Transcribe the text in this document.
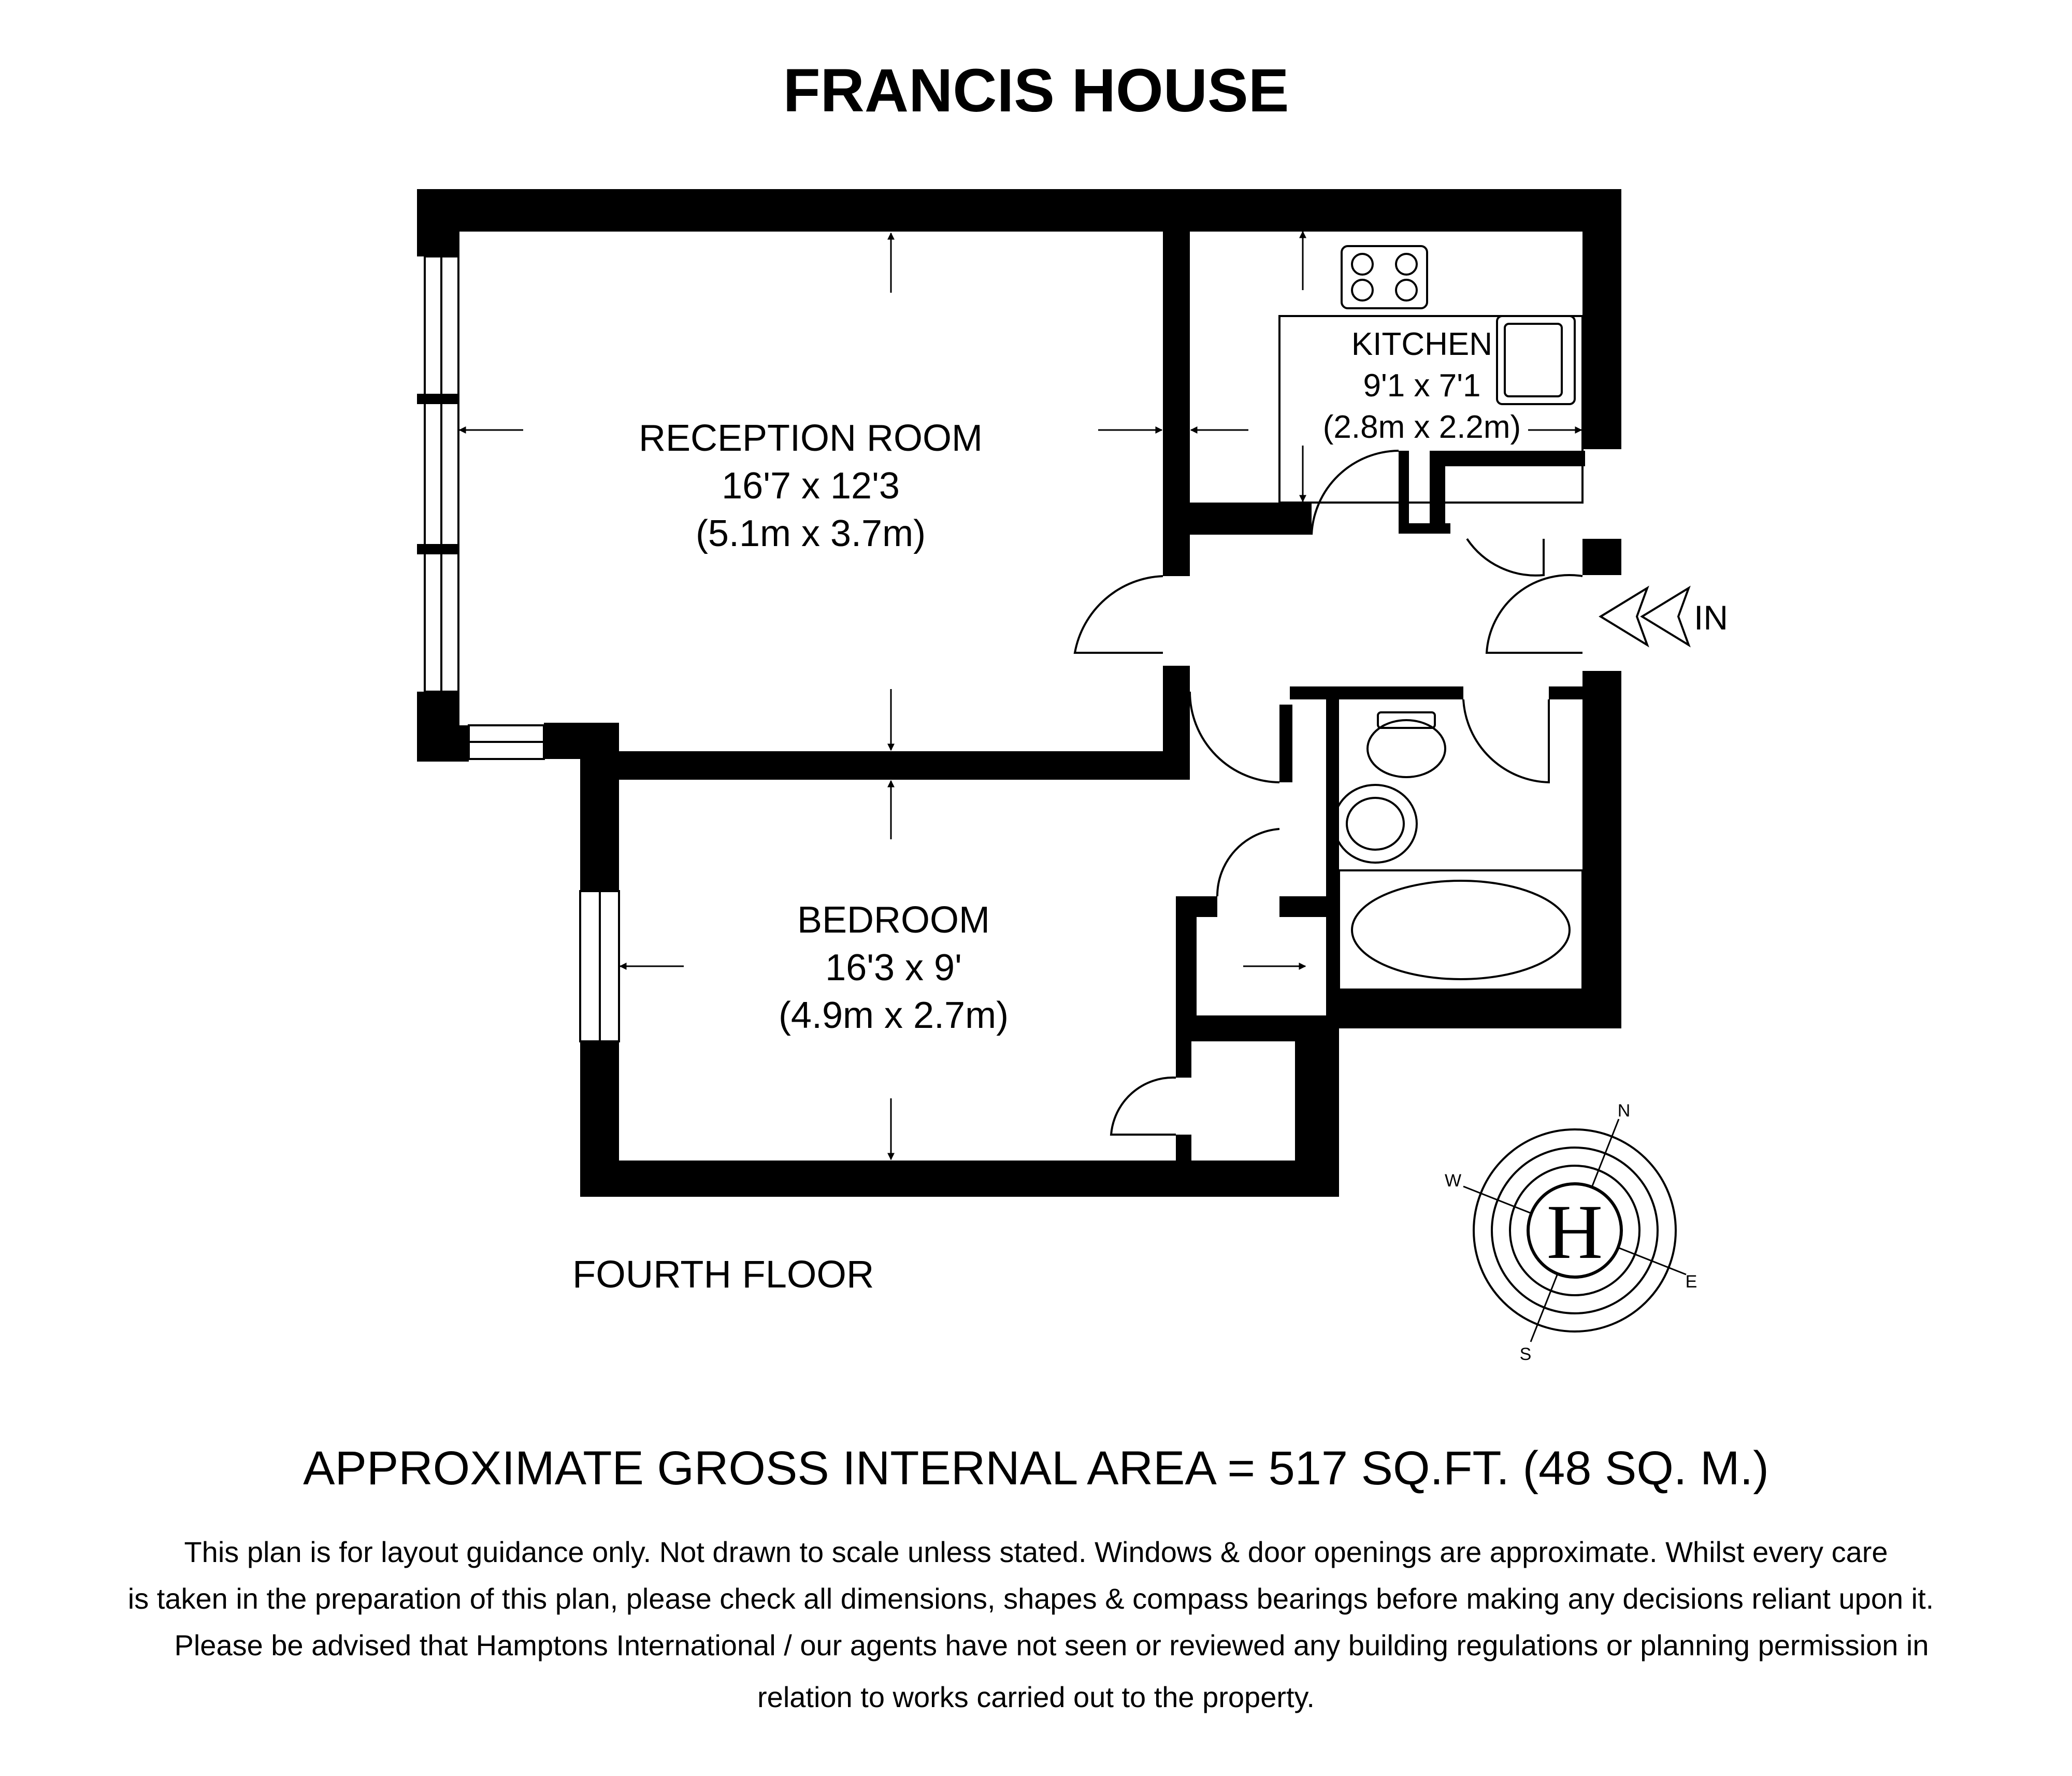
FRANCIS HOUSE
IN
RECEPTION ROOM
16'7 x 12'3
(5.1m x 3.7m)
KITCHEN
9'1 x 7'1
(2.8m x 2.2m)
BEDROOM
16'3 x 9'
(4.9m x 2.7m)
FOURTH FLOOR	H
N
E
S
W
APPROXIMATE GROSS INTERNAL AREA = 517 SQ.FT. (48 SQ. M.)
This plan is for layout guidance only. Not drawn to scale unless stated. Windows & door openings are approximate. Whilst every care
is taken in the preparation of this plan, please check all dimensions, shapes & compass bearings before making any decisions reliant upon it.
Please be advised that Hamptons International / our agents have not seen or reviewed any building regulations or planning permission in
relation to works carried out to the property.
